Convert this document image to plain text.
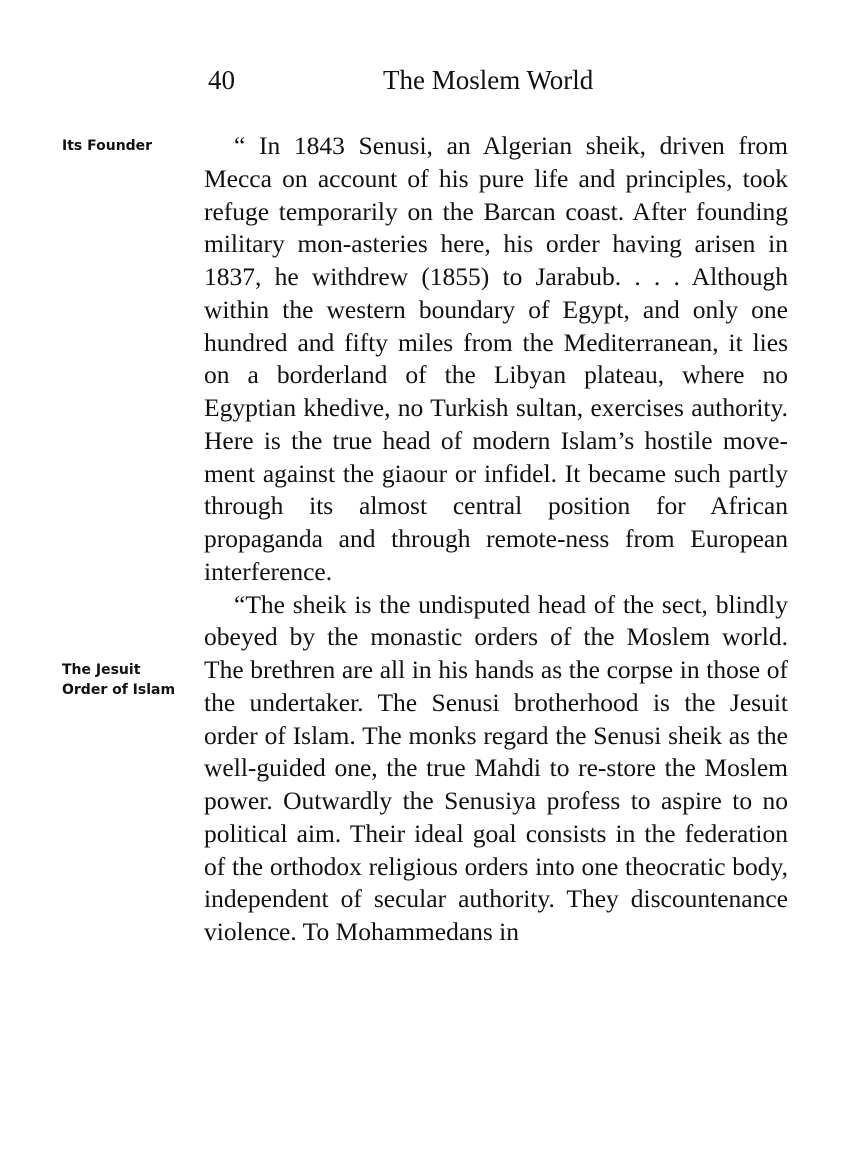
40	The Moslem World
Its Founder
The Jesuit Order of Islam

“ In 1843 Senusi, an Algerian sheik, driven from Mecca on account of his pure life and principles, took refuge temporarily on the Barcan coast. After founding military mon-asteries here, his order having arisen in 1837, he withdrew (1855) to Jarabub. . . . Although within the western boundary of Egypt, and only one hundred and fifty miles from the Mediterranean, it lies on a borderland of the Libyan plateau, where no Egyptian khedive, no Turkish sultan, exercises authority. Here is the true head of modern Islam’s hostile move-ment against the giaour or infidel. It became such partly through its almost central position for African propaganda and through remote-ness from European interference.

“The sheik is the undisputed head of the sect, blindly obeyed by the monastic orders of the Moslem world. The brethren are all in his hands as the corpse in those of the undertaker. The Senusi brotherhood is the Jesuit order of Islam. The monks regard the Senusi sheik as the well-guided one, the true Mahdi to re-store the Moslem power. Outwardly the Senusiya profess to aspire to no political aim. Their ideal goal consists in the federation of the orthodox religious orders into one theocratic body, independent of secular authority. They discountenance violence. To Mohammedans in
